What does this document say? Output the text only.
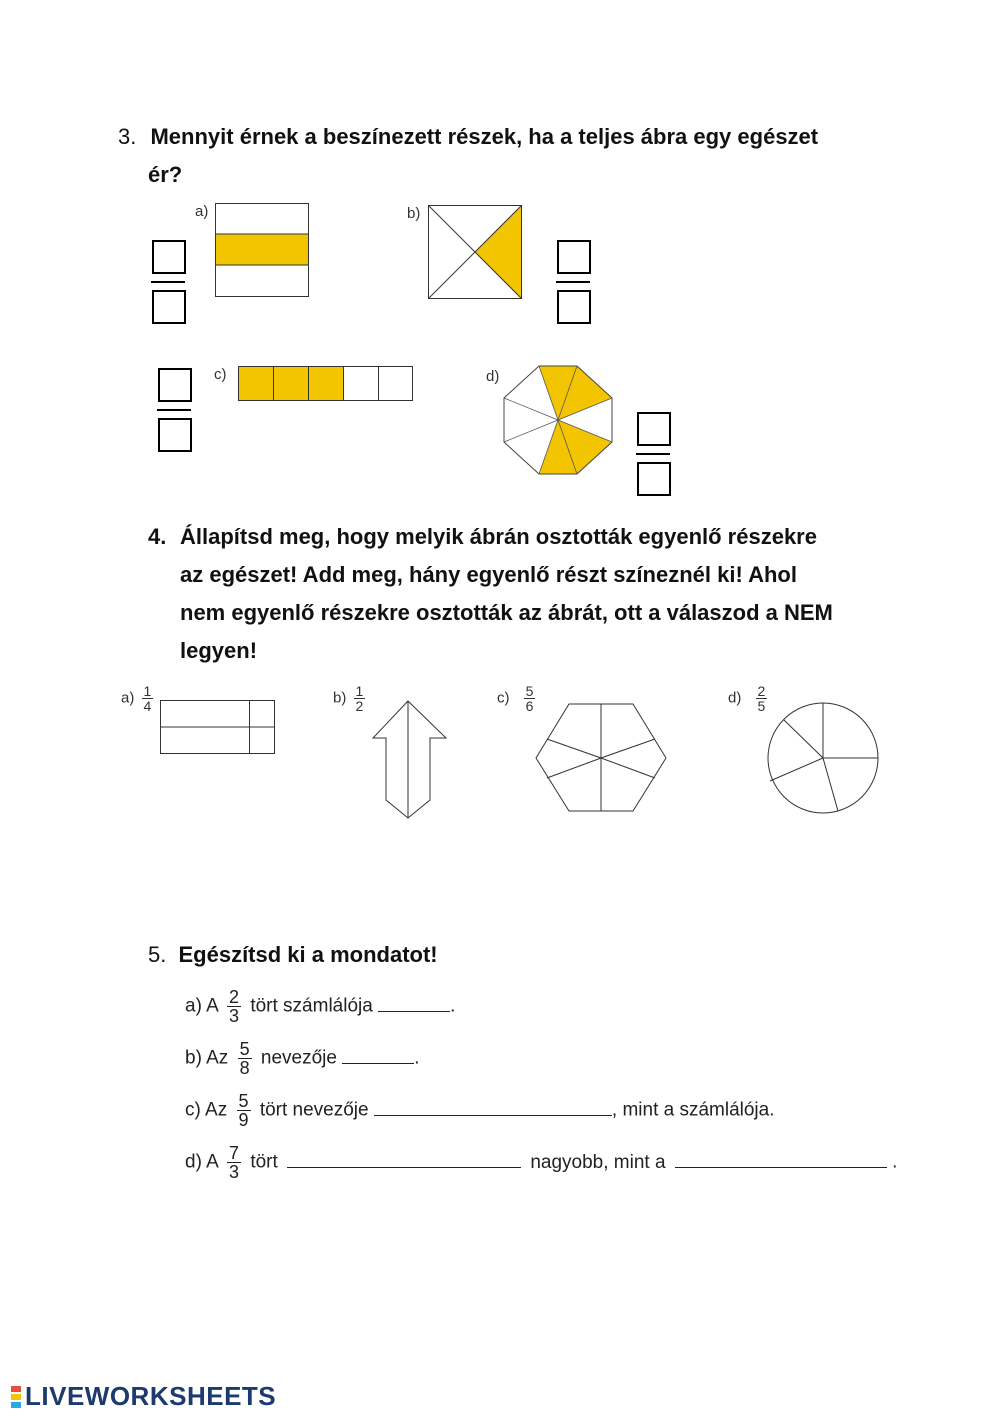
3. Mennyit érnek a beszínezett részek, ha a teljes ábra egy egészet
ér?
a)	b)
c)	d)
4. Állapítsd meg, hogy melyik ábrán osztották egyenlő részekre
az egészet! Add meg, hány egyenlő részt színeznél ki! Ahol
nem egyenlő részekre osztották az ábrát, ott a válaszod a NEM
legyen!
$a) \frac{1}{4}$	$b) \frac{1}{2}$	$c) \frac{5}{6}$	$d) \frac{2}{5}$
5. Egészítsd ki a mondatot!
a) A $\frac{2}{3}$ tört számlálója	.
b) Az $\frac{5}{8}$ nevezője	.
c) Az $\frac{5}{9}$ tört nevezője	, mint a számlálója.
d) A $\frac{7}{3}$ tört	nagyobb, mint a	.
LIVEWORKSHEETS
